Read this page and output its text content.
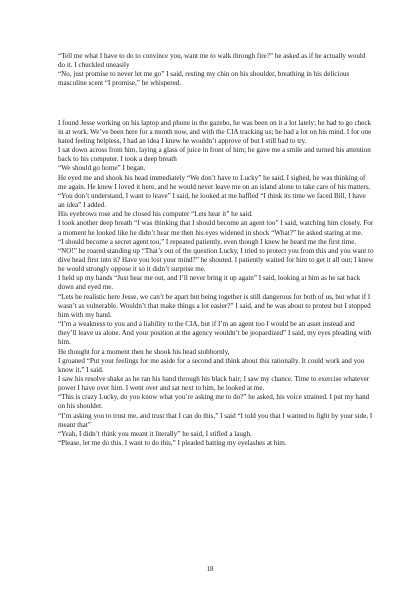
“Tell me what I have to do to convince you, want me to walk through fire?” he asked as if he actually would do it. I chuckled uneasily

“No, just promise to never let me go” I said, resting my chin on his shoulder, breathing in his delicious masculine scent “I promise,” he whispered.

I found Jesse working on his laptop and phone in the gazebo, he was been on it a lot lately; he had to go check in at work. We’ve been here for a month now, and with the CIA tracking us; he had a lot on his mind. I for one hated feeling helpless, I had an idea I knew he wouldn’t approve of but I still had to try.

I sat down across from him, laying a glass of juice in front of him; he gave me a smile and turned his attention back to his computer. I took a deep breath

“We should go home” I began.

He eyed me and shook his head immediately “We don’t have to Lucky” he said, I sighed, he was thinking of me again. He knew I loved it here, and he would never leave me on an island alone to take care of his matters.

“You don’t understand, I want to leave” I said, he looked at me baffled “I think its time we faced Bill, I have an idea” I added.

His eyebrows rose and he closed his computer “Lets hear it” he said.

I took another deep breath “I was thinking that I should become an agent too” I said, watching him closely. For a moment he looked like he didn’t hear me then his eyes widened in shock “What?” he asked staring at me.

“I should become a secret agent too,” I repeated patiently, even though I knew he heard me the first time.

“NO!” he roared standing up “That’s out of the question Lucky, I tried to protect you from this and you want to dive head first into it? Have you lost your mind?” he shouted. I patiently waited for him to get it all out; I knew he would strongly oppose it so it didn’t surprise me.

I held up my hands “Just hear me out, and I’ll never bring it up again” I said, looking at him as he sat back down and eyed me.

“Lets be realistic here Jesse, we can’t be apart but being together is still dangerous for both of us, but what if I wasn’t as vulnerable. Wouldn’t that make things a lot easier?” I said, and he was about to protest but I stopped him with my hand.

“I’m a weakness to you and a liability to the CIA, but if I’m an agent too I would be an asset instead and they’ll leave us alone. And your position at the agency wouldn’t be jeopardized” I said, my eyes pleading with him.

He thought for a moment then he shook his head stubbornly,

I groaned “Put your feelings for me aside for a second and think about this rationally. It could work and you know it,” I said.

I saw his resolve shake as he ran his hand through his black hair; I saw my chance. Time to exercise whatever power I have over him. I went over and sat next to him, he looked at me.

“This is crazy Lucky, do you know what you’re asking me to do?” he asked, his voice strained. I put my hand on his shoulder.

“I’m asking you to trust me, and trust that I can do this,” I said “I told you that I wanted to fight by your side, I meant that”

“Yeah, I didn’t think you meant it literally” he said, I stifled a laugh.

“Please, let me do this. I want to do this,” I pleaded batting my eyelashes at him.

18
